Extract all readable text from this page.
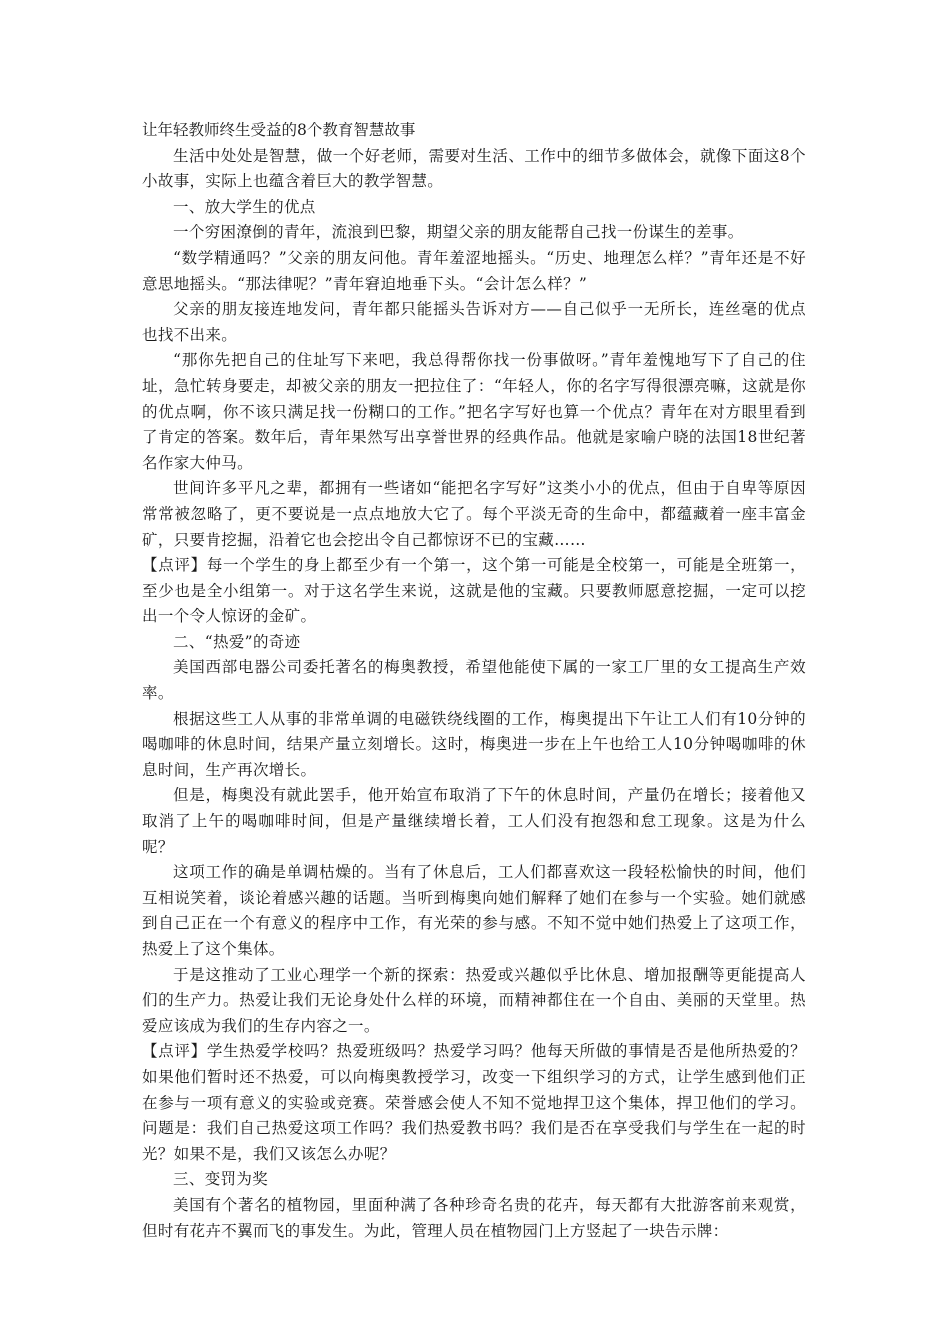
让年轻教师终生受益的8个教育智慧故事

生活中处处是智慧，做一个好老师，需要对生活、工作中的细节多做体会，就像下面这8个小故事，实际上也蕴含着巨大的教学智慧。

一、放大学生的优点

一个穷困潦倒的青年，流浪到巴黎，期望父亲的朋友能帮自己找一份谋生的差事。

“数学精通吗？”父亲的朋友问他。青年羞涩地摇头。“历史、地理怎么样？”青年还是不好意思地摇头。“那法律呢？”青年窘迫地垂下头。“会计怎么样？”

父亲的朋友接连地发问，青年都只能摇头告诉对方——自己似乎一无所长，连丝毫的优点也找不出来。

“那你先把自己的住址写下来吧，我总得帮你找一份事做呀。”青年羞愧地写下了自己的住址，急忙转身要走，却被父亲的朋友一把拉住了：“年轻人，你的名字写得很漂亮嘛，这就是你的优点啊，你不该只满足找一份糊口的工作。”把名字写好也算一个优点？青年在对方眼里看到了肯定的答案。数年后，青年果然写出享誉世界的经典作品。他就是家喻户晓的法国18世纪著名作家大仲马。

世间许多平凡之辈，都拥有一些诸如“能把名字写好”这类小小的优点，但由于自卑等原因常常被忽略了，更不要说是一点点地放大它了。每个平淡无奇的生命中，都蕴藏着一座丰富金矿，只要肯挖掘，沿着它也会挖出令自己都惊讶不已的宝藏……

【点评】每一个学生的身上都至少有一个第一，这个第一可能是全校第一，可能是全班第一，至少也是全小组第一。对于这名学生来说，这就是他的宝藏。只要教师愿意挖掘，一定可以挖出一个令人惊讶的金矿。

二、“热爱”的奇迹

美国西部电器公司委托著名的梅奥教授，希望他能使下属的一家工厂里的女工提高生产效率。

根据这些工人从事的非常单调的电磁铁绕线圈的工作，梅奥提出下午让工人们有10分钟的喝咖啡的休息时间，结果产量立刻增长。这时，梅奥进一步在上午也给工人10分钟喝咖啡的休息时间，生产再次增长。

但是，梅奥没有就此罢手，他开始宣布取消了下午的休息时间，产量仍在增长；接着他又取消了上午的喝咖啡时间，但是产量继续增长着，工人们没有抱怨和怠工现象。这是为什么呢？

这项工作的确是单调枯燥的。当有了休息后，工人们都喜欢这一段轻松愉快的时间，他们互相说笑着，谈论着感兴趣的话题。当听到梅奥向她们解释了她们在参与一个实验。她们就感到自己正在一个有意义的程序中工作，有光荣的参与感。不知不觉中她们热爱上了这项工作，热爱上了这个集体。

于是这推动了工业心理学一个新的探索：热爱或兴趣似乎比休息、增加报酬等更能提高人们的生产力。热爱让我们无论身处什么样的环境，而精神都住在一个自由、美丽的天堂里。热爱应该成为我们的生存内容之一。

【点评】学生热爱学校吗？热爱班级吗？热爱学习吗？他每天所做的事情是否是他所热爱的？如果他们暂时还不热爱，可以向梅奥教授学习，改变一下组织学习的方式，让学生感到他们正在参与一项有意义的实验或竞赛。荣誉感会使人不知不觉地捍卫这个集体，捍卫他们的学习。问题是：我们自己热爱这项工作吗？我们热爱教书吗？我们是否在享受我们与学生在一起的时光？如果不是，我们又该怎么办呢？

三、变罚为奖

美国有个著名的植物园，里面种满了各种珍奇名贵的花卉，每天都有大批游客前来观赏，但时有花卉不翼而飞的事发生。为此，管理人员在植物园门上方竖起了一块告示牌：
